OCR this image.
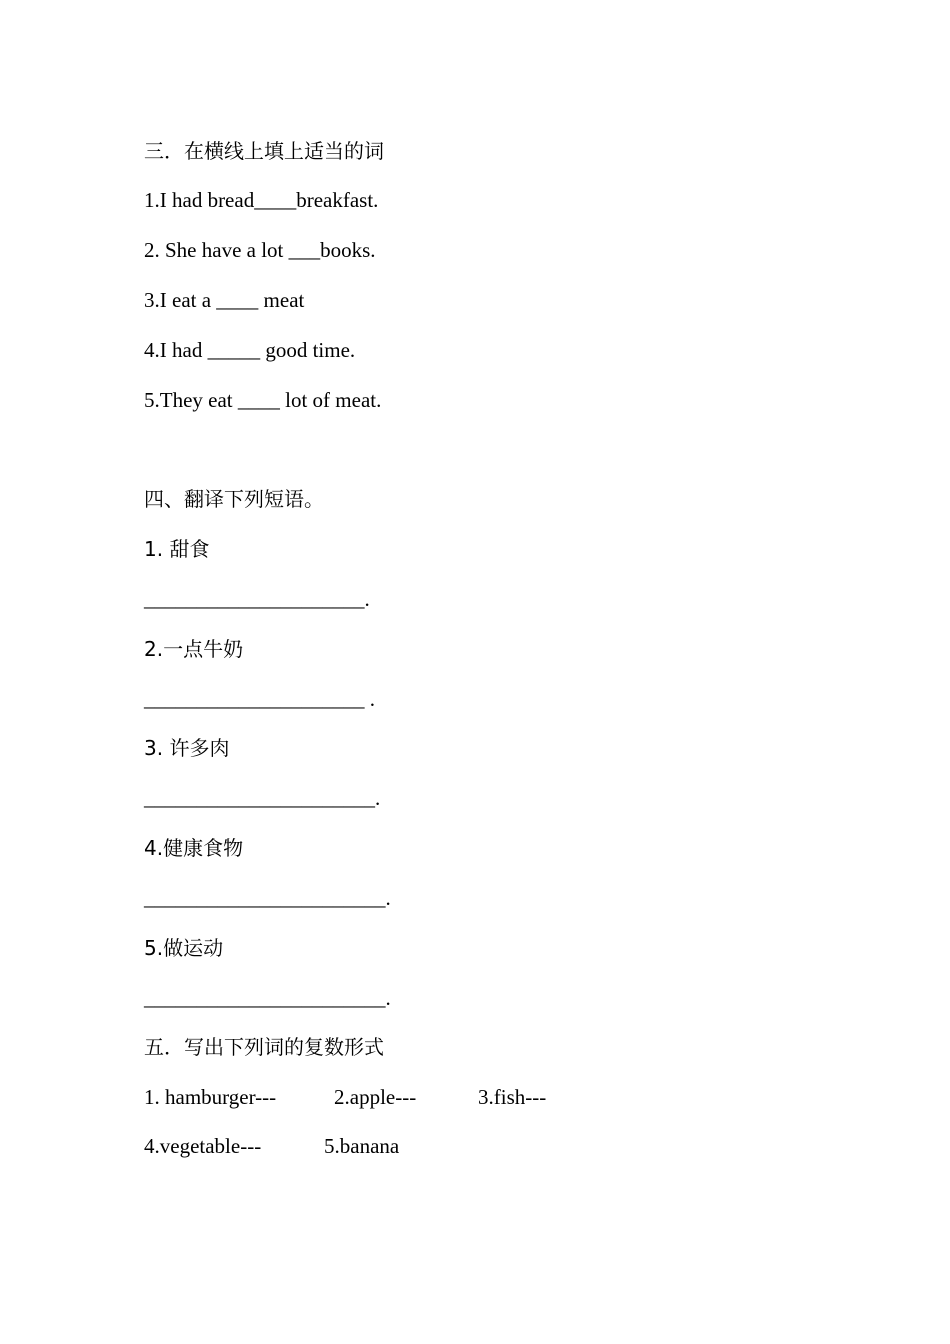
三．在横线上填上适当的词
1.I had bread____breakfast.
2. She have a lot ___books.
3.I eat a ____ meat
4.I had _____ good time.
5.They eat ____ lot of meat.
四、翻译下列短语。
1. 甜食
_____________________.
2.一点牛奶
_____________________ .
3. 许多肉
______________________.
4.健康食物
_______________________.
5.做运动
_______________________.
五．写出下列词的复数形式
1. hamburger---	2.apple---	3.fish---
4.vegetable---	5.banana
